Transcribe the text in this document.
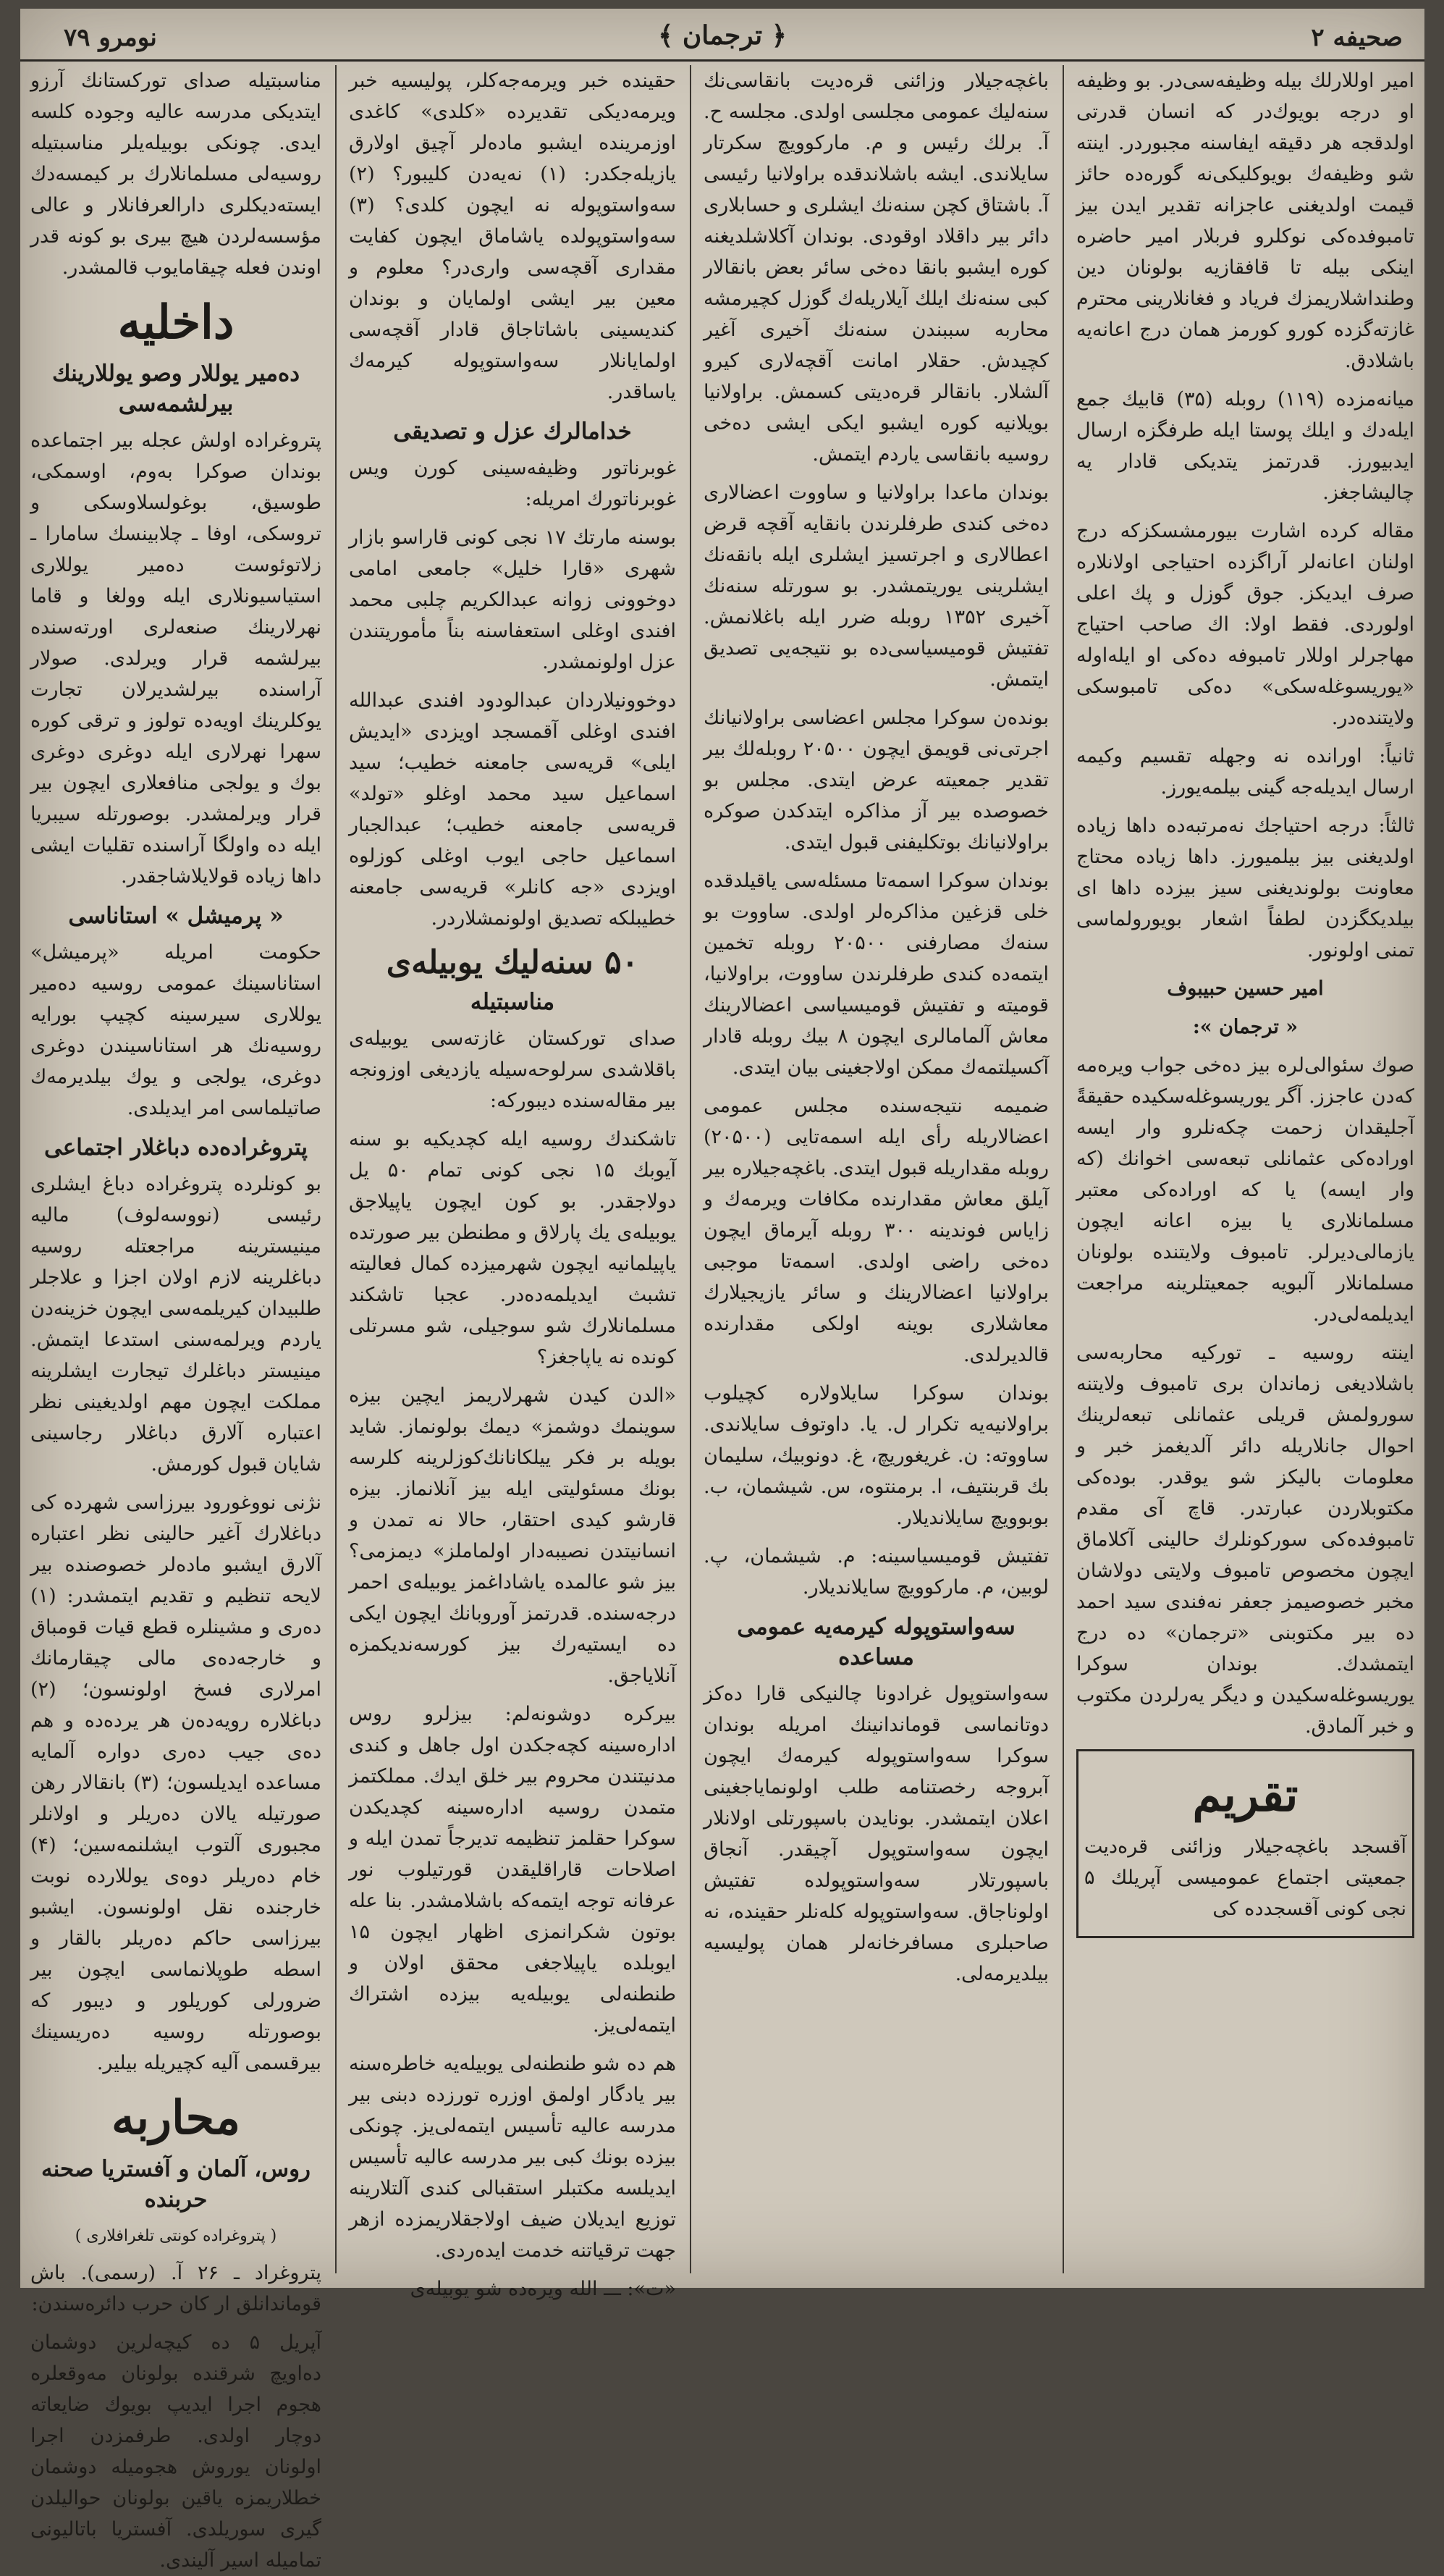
صحيفه ۲
﴿ ترجمان ﴾
نومرو ۷۹

امیر اوللارلك بیله وظیفه‌سی‌در. بو وظیفه او درجه بویوك‌در که انسان قدرتی اولدقجه هر دقیقه ایفاسنه مجبوردر. اینته شو وظیفه‌ك بویوکلیکی‌نه گوره‌ده حائز قیمت اولدیغنی عاجزانه تقدیر ایدن بیز تامبوفده‌کی نوکلرو فربلار امیر حاضره اینکی بیله تا قافقازیه بولونان دین وطنداشلاریمزك فریاد و فغانلارینی محترم غازته‌گزده کورو کورمز همان درج اعانه‌یه باشلادق.

میانه‌مزده (۱۱۹) روبله (۳۵) قابیك جمع ایله‌دك و ایلك پوستا ایله طرفگزه ارسال ایدبیورز. قدرتمز یتدیکی قادار یه چالیشاجغز.

مقاله کرده اشارت بیورمشسکزکه درج اولنان اعانه‌لر آراگزده احتیاجی اولانلاره صرف ایدیکز. جوق گوزل و پك اعلی اولوردی. فقط اولا: اك صاحب احتیاج مهاجرلر اوللار تامبوفه ده‌کی او ایله‌اوله «یوریسوغله‌سکی» ده‌کی تامبوسکی ولایتنده‌در.

ثانیاً: اورانده نه وجهله تقسیم وکیمه ارسال ایدیله‌جه گینی بیلمه‌یورز.

ثالثاً: درجه احتیاجك نه‌مرتبه‌ده داها زیاده اولدیغنی بیز بیلمیورز. داها زیاده محتاج معاونت بولوندیغنی سیز بیزده داها ای بیلدیکگزدن لطفاً اشعار بویورولماسی تمنی اولونور.

امیر حسین حبیبوف
« ترجمان »:

صوك سئوالی‌لره بیز ده‌خی جواب ویره‌مه که‌دن عاجزز. آگر یوریسوغله‌سکیده حقیقةً آجلیقدان زحمت چکه‌نلرو وار ایسه اوراده‌کی عثمانلی تبعه‌سی اخوانك (که وار ایسه) یا که اوراده‌کی معتبر مسلمانلاری یا بیزه اعانه ایچون یازمالی‌دیرلر. تامبوف ولایتنده بولونان مسلمانلار آلبویه جمعیتلرینه مراجعت ایدیلمه‌لی‌در.

اینته روسیه ـ تورکیه محاربه‌سی باشلادیغی زماندان بری تامبوف ولایتنه سورولمش قریلی عثمانلی تبعه‌لرینك احوال جانلاریله دائر آلدیغمز خبر و معلومات بالیکز شو یوقدر. بوده‌کی مکتوبلاردن عبارتدر. قاچ آی مقدم تامبوفده‌کی سورکونلرك حالینی آکلاماق ایچون مخصوص تامبوف ولایتی دولاشان مخبر خصوصیمز جعفر نه‌فندی سید احمد ده بیر مکتوبنی «ترجمان» ده درج ایتمشدك. بوندان سوکرا یوریسوغله‌سکیدن و دیگر یه‌رلردن مکتوب و خبر آلمادق.

تقریم

آقسجد باغچه‌جیلار وزائنی قره‌دیت جمعیتی اجتماع عمومیسی آپریلك ۵ نجی کونی آقسجدده کی

باغچه‌جیلار وزائنی قره‌دیت بانقاسی‌نك سنه‌لیك عمومی مجلسی اولدی. مجلسه ح. آ. برلك رئیس و م. مارکوویچ سکرتار سایلاندی. ایشه باشلاندقده براولانیا رئیسی آ. باشتاق کچن سنه‌نك ایشلری و حسابلاری دائر بیر داقلاد اوقودی. بوندان آکلاشلدیغنه کوره ایشبو بانقا ده‌خی سائر بعض بانقالار کبی سنه‌نك ایلك آیلاریله‌ك گوزل کچیرمشه محاربه سببندن سنه‌نك آخیری آغیر کچیدش. حقلار امانت آقچه‌لاری کیرو آلشلار. بانقالر قره‌دیتی کسمش. براولانیا بویلانیه کوره ایشبو ایکی ایشی ده‌خی روسیه بانقاسی یاردم ایتمش.

بوندان ماعدا براولانیا و ساووت اعضالاری ده‌خی کندی طرفلرندن بانقایه آقچه قرض اعطالاری و اجرتسیز ایشلری ایله بانقه‌نك ایشلرینی یوریتمشدر. بو سورتله سنه‌نك آخیری ۱۳۵۲ روبله ضرر ایله باغلانمش. تفتیش قومیسیاسی‌ده‌ بو نتیجه‌یی تصدیق ایتمش.

بونده‌ن سوکرا مجلس اعضاسی براولانیانك اجرتی‌نی قویمق ایچون ۲۰۵۰۰ روبله‌لك بیر تقدیر جمعیته عرض ایتدی. مجلس بو خصوصده بیر آز مذاکره ایتدکدن صوکره براولانیانك بوتكلیفنی قبول ایتدی.

بوندان سوکرا اسمه‌تا مسئله‌سی یاقیلدقده خلی قزغین مذاکره‌لر اولدی. ساووت بو سنه‌ك مصارفنی ۲۰۵۰۰ روبله تخمین ایتمه‌ده کندی طرفلرندن ساووت، براولانیا، قومیته و تفتیش قومیسیاسی اعضالارینك معاش آلمامالری ایچون ۸ بیك روبله قادار آکسیلتمه‌ك ممکن اولاجغینی بیان ایتدی.

ضمیمه نتیجه‌سنده مجلس عمومی اعضالاریله رأی ایله اسمه‌تایی (۲۰۵۰۰) روبله مقداریله قبول ایتدی. باغچه‌جیلاره بیر آیلق معاش مقدارنده مکافات ویرمه‌ك و زایاس فوندینه ۳۰۰ روبله آیرماق ایچون ده‌خی راضی اولدی. اسمه‌تا موجبی براولانیا اعضالارینك و سائر یازیجیلارك معاشلاری بوینه اولکی مقدارنده قالدیرلدی.

بوندان سوکرا سایلاولاره کچیلوب براولانیه‌یه تکرار ل. یا. داوتوف سایلاندی. ساووته: ن. غریغوریچ، غ. دونوبیك، سلیمان بك قربنتیف، ا. برمنتوه، س. شیشمان، ب. بوبوویچ سایلاندیلار.

تفتیش قومیسیاسینه: م. شیشمان، پ. لوبین، م. مارکوویچ سایلاندیلار.

سه‌واستوپوله کیرمه‌یه عمومی مساعده

سه‌واستوپول غرادونا چالنیکی قارا ده‌کز دوتانماسی قوماندانینك امریله بوندان سوکرا سه‌واستوپوله کیرمه‌ك ایچون آبروجه رخصتنامه طلب اولونمایاجغینی اعلان ایتمشدر. بونایدن باسپورتلی اولانلار ایچون سه‌واستوپول آچیقدر. آنجاق باسپورتلار سه‌واستوپولده تفتیش اولوناجاق. سه‌واستوپوله کله‌نلر حقینده، نه صاحبلری مسافرخانه‌لر همان پولیسیه بیلدیرمه‌لی.

حقینده خبر ویرمه‌جه‌کلر، پولیسیه خبر ویرمه‌دیکی تقدیرده «کلدی» کاغدی اوزمرینده ایشبو ماده‌لر آچیق اولارق یازیله‌جکدر: (۱) نه‌یه‌دن کلیبور؟ (۲) سه‌واستوپوله نه ایچون کلدی؟ (۳) سه‌واستوپولده یاشاماق ایچون کفایت مقداری آقچه‌سی واری‌در؟ معلوم و معین بیر ایشی اولمایان و بوندان کندیسینی باشاتاجاق قادار آقچه‌سی اولمایانلار سه‌واستوپوله کیرمه‌ك یاساقدر.

خدامالرك عزل و تصدیقی

غوبرناتور وظیفه‌سینی کورن ویس غوبرناتورك امریله:

بوسنه مارتك ۱۷ نجی کونی قاراسو بازار شهری «قارا خلیل» جامعی امامی دوخوونی زوانه عبدالکریم چلبی محمد افندی اوغلی استعفاسنه بناً مأموریتندن عزل اولونمشدر.

دوخوونیلاردان عبدالودود افندی عبدالله افندی اوغلی آقمسجد اویزدی «ایدیش ایلی» قریه‌سی جامعنه خطیب؛ سید اسماعیل سید محمد اوغلو «تولد» قریه‌سی جامعنه خطیب؛ عبدالجبار اسماعیل حاجی ایوب اوغلی کوزلوه اویزدی «جه کانلر» قریه‌سی جامعنه خطیبلکه تصدیق اولونمشلاردر.

۵۰ سنه‌لیك یوبیله‌ی
مناسبتیله

صدای تورکستان غازته‌سی یوبیله‌ی باقلاشدی سرلوحه‌سیله یازدیغی اوزونجه بیر مقاله‌سنده دیبورکه:

تاشکندك روسیه ایله کچدیکیه بو سنه آیوبك ۱۵ نجی کونی تمام ۵۰ یل دولاجقدر. بو کون ایچون یاپیلاجق یوبیله‌ی یك پارلاق و مطنطن بیر صورتده یاپیلمانیه ایچون شهرمیزده کمال فعالیته تشبث ایدیلمه‌ده‌در. عجبا تاشکند مسلمانلارك شو سوجیلی، شو مسرتلی کونده نه یاپاجغز؟

«الدن کیدن شهرلاریمز ایچین بیزه سوینمك دوشمز» دیمك بولونماز. شاید بویله بر فکر ییلکانانك‌کوزلرینه کلرسه بونك مسئولیتی ایله بیز آنلانماز. بیزه قارشو کیدی احتقار، حالا نه تمدن و انسانیتدن نصیبه‌دار اولماملز» دیمزمی؟ بیز شو عالمده یاشاداغمز یوبیله‌ی احمر درجه‌سنده. قدرتمز آوروبانك ایچون ایكی ده ایستیه‌رك بیز کورسه‌ندیکمزه آنلایاجق.

بیرکره دوشونه‌لم: بیزلرو روس اداره‌سینه کچه‌جکدن اول جاهل و کندی مدنیتندن محروم بیر خلق ایدك. مملکتمز متمدن روسیه اداره‌سینه کچدیکدن سوکرا حقلمز تنظیمه تدیرجاً تمدن ایله و اصلاحات قاراقلیقدن قورتیلوب نور عرفانه توجه ایتمه‌که باشلامشدر. بنا عله بوتون شکرانمزی اظهار ایچون ۱۵ ایوبلده یاپیلاجغی محقق اولان و طنطنه‌لی یوبیله‌یه بیزده اشتراك ایتمه‌لی‌یز.

هم ده شو طنطنه‌لی یوبیله‌یه خاطره‌سنه بیر یادگار اولمق اوزره تورزده دبنی بیر مدرسه عالیه تأسیس ایتمه‌لی‌یز. چونکی بیزده بونك کبی بیر مدرسه عالیه تأسیس ایدیلسه مکتبلر استقبالی کندی آلتلارینه توزیع ایدیلان ضیف اولاجقلار‌یمزده ازهر جهت ترقیاتنه خدمت ایده‌ردی.

«ت»: ـــ الله ویره‌ده شو یوبیله‌ی

مناسبتیله صدای تورکستانك آرزو ایتدیکی مدرسه عالیه وجوده کلسه ایدی. چونکی بوبیله‌یلر مناسبتیله روسیه‌لی مسلمانلارك بر کیمسه‌دك ایسته‌دیکلری دارالعرفانلار و عالی مؤسسه‌لردن هیچ بیری بو کونه قدر اوندن فعله چیقامایوب قالمشدر.

داخلیه
ده‌میر یوللار وصو یوللارینك بیرلشمه‌سی

پتروغراده اولش عجله بیر اجتماعده بوندان صوکرا به‌وم، اوسمکی، طوسیق، بوغولسلاوسکی و تروسکی، اوفا ـ چلابینسك سامارا ـ زلاتوئوست ده‌میر یوللاری استیاسیونلاری ایله وولغا و قاما نهرلارینك صنعه‌لری اورته‌سنده بیرلشمه قرار ویرلدی. صولار آراسنده بیرلشدیرلان تجارت یوکلرینك اویه‌ده تولوز و ترقی کوره سهرا نهرلاری ایله دوغری دوغری بوك و یولجی منافعلاری ایچون بیر قرار ویرلمشدر. بوصورتله سیبریا ایله ده واولگا آراسنده تقلیات ایشی داها زیاده قولایلاشاجقدر.

« پرمیشل » استاناسی

حکومت امریله «پرمیشل» استاناسینك عمومی روسیه ده‌میر یوللاری سیرسینه کچیپ بورایه روسیه‌نك هر استاناسیندن دوغری دوغری، یولجی و یوك بیلدیرمه‌ك صاتیلماسی امر ایدیلدی.

پتروغراده‌ده دباغلار اجتماعی

بو کونلرده پتروغراده دباغ ایشلری رئیسی (نووسه‌لوف) مالیه مینیسترینه مراجعتله روسیه دباغلرینه لازم اولان اجزا و علاجلر طلبیدان کیریلمه‌سی ایچون خزینه‌دن یاردم ویرلمه‌سنی استدعا ایتمش. مینیستر دباغلرك تیجارت ایشلرینه مملکت ایچون مهم اولدیغینی نظر اعتباره آلارق دباغلار رجاسینی شایان قبول کورمش.

نژنی نووغورود بیرزاسی شهرده کی دباغلارك آغیر حالینی نظر اعتباره آلارق ایشبو ماده‌لر خصوصنده بیر لایحه تنظیم و تقدیم ایتمشدر: (۱) ده‌ری و مشینلره قطع قیات قومباق و خارجه‌ده‌ی مالی چیقارمانك امرلاری فسخ اولونسون؛ (۲) دباغلاره رویه‌ده‌ن هر یرده‌ده و هم ده‌ی جیب ده‌ری دواره آلمایه مساعده ایدیلسون؛ (۳) بانقالار رهن صورتیله یالان ده‌ریلر و اولانلر مجبوری آلتوب ایشلنمه‌سین؛ (۴) خام ده‌ریلر دوه‌ی یوللارده نوبت خارجنده نقل اولونسون. ایشبو بیرزاسی حاکم ده‌ریلر بالقار و اسطه طوپلانماسی ایچون بیر ضرورلی کوریلور و دیبور که بوصورتله روسیه ده‌ریسینك بیرقسمی آلیه کچیریله بیلیر.

محاربه
روس، آلمان و آفستریا صحنه حربنده
( پتروغراده کونتی تلغرافلاری )

پتروغراد ـ ۲۶ آ. (رسمی). باش قوماندانلق ار کان حرب دائره‌سندن:

آپریل ۵ ده کیچه‌لرین دوشمان ده‌اویچ شرقنده بولونان مه‌وقعلره هجوم اجرا ایدیپ بویوك ضایعاته دوچار اولدی. طرفمزدن اجرا اولونان یوروش هجومیله دوشمان خطلاریمزه یاقین بولونان حوالیلدن گیری سوریلدی. آفستریا باتالیونی تمامیله اسیر آلیندی.
